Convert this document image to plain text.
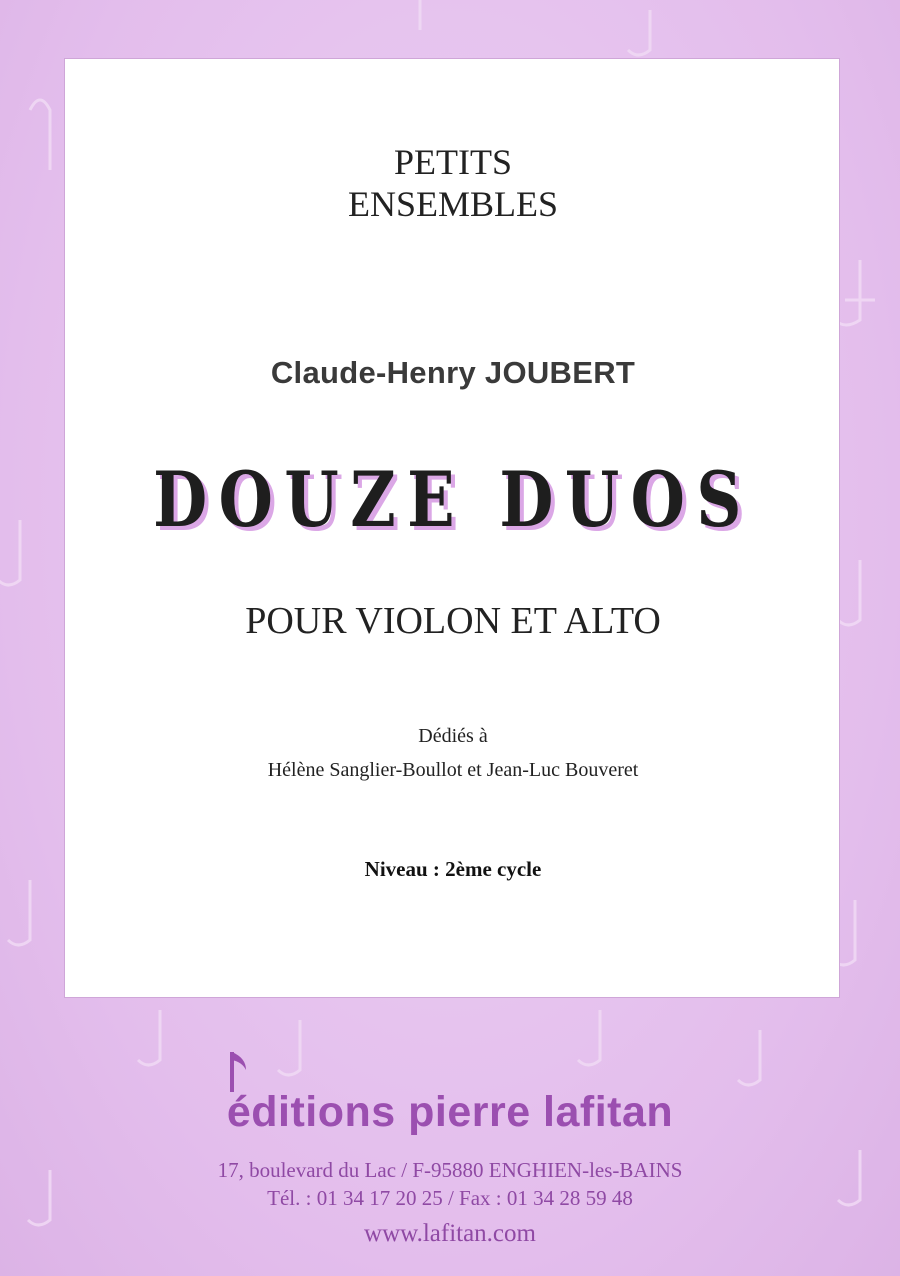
PETITS
ENSEMBLES
Claude-Henry JOUBERT
DOUZE DUOS
POUR VIOLON ET ALTO
Dédiés à
Hélène Sanglier-Boullot et Jean-Luc Bouveret
Niveau : 2ème cycle
éditions pierre lafitan
17, boulevard du Lac / F-95880 ENGHIEN-les-BAINS
Tél. : 01 34 17 20 25 / Fax : 01 34 28 59 48
www.lafitan.com
